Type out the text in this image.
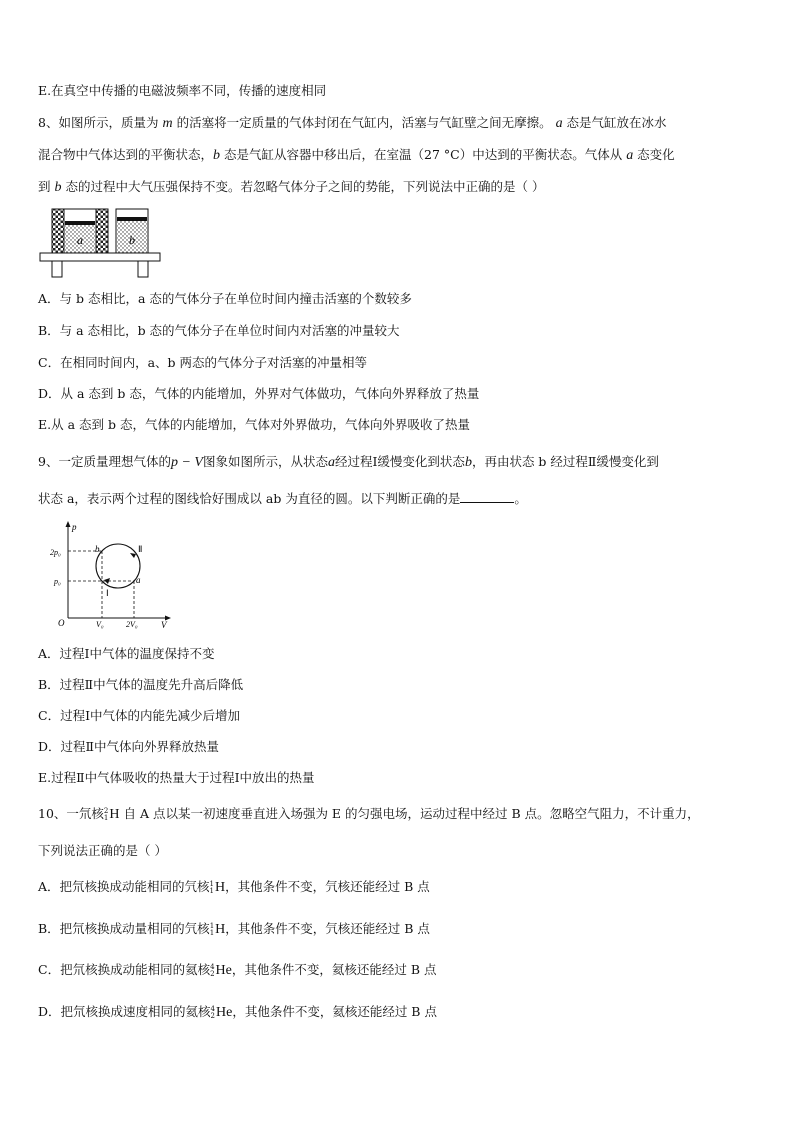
E.在真空中传播的电磁波频率不同，传播的速度相同
8、如图所示，质量为 m 的活塞将一定质量的气体封闭在气缸内，活塞与气缸壁之间无摩擦。 a 态是气缸放在冰水
混合物中气体达到的平衡状态，b 态是气缸从容器中移出后，在室温（27 °C）中达到的平衡状态。气体从 a 态变化
到 b 态的过程中大气压强保持不变。若忽略气体分子之间的势能，下列说法中正确的是（ ）
a	b
A．与 b 态相比，a 态的气体分子在单位时间内撞击活塞的个数较多
B．与 a 态相比，b 态的气体分子在单位时间内对活塞的冲量较大
C．在相同时间内，a、b 两态的气体分子对活塞的冲量相等
D．从 a 态到 b 态，气体的内能增加，外界对气体做功，气体向外界释放了热量
E.从 a 态到 b 态，气体的内能增加，气体对外界做功，气体向外界吸收了热量
9、一定质量理想气体的p − V图象如图所示，从状态a经过程Ⅰ缓慢变化到状态b，再由状态 b 经过程Ⅱ缓慢变化到
状态 a，表示两个过程的图线恰好围成以 ab 为直径的圆。以下判断正确的是	。
p
V
O
2p₀
p₀
V₀	2V₀
b
a
Ⅱ
Ⅰ
A．过程Ⅰ中气体的温度保持不变
B．过程Ⅱ中气体的温度先升高后降低
C．过程Ⅰ中气体的内能先减少后增加
D．过程Ⅱ中气体向外界释放热量
E.过程Ⅱ中气体吸收的热量大于过程Ⅰ中放出的热量
10、一氘核 2
1 H 自 A 点以某一初速度垂直进入场强为 E 的匀强电场，运动过程中经过 B 点。忽略空气阻力，不计重力，
下列说法正确的是（ ）
A．把氘核换成动能相同的氕核 1
1 H，其他条件不变，氕核还能经过 B 点
B．把氘核换成动量相同的氕核 1
1 H，其他条件不变，氕核还能经过 B 点
C．把氘核换成动能相同的氦核 4
2 He，其他条件不变，氦核还能经过 B 点
D．把氘核换成速度相同的氦核 4
2 He，其他条件不变，氦核还能经过 B 点
